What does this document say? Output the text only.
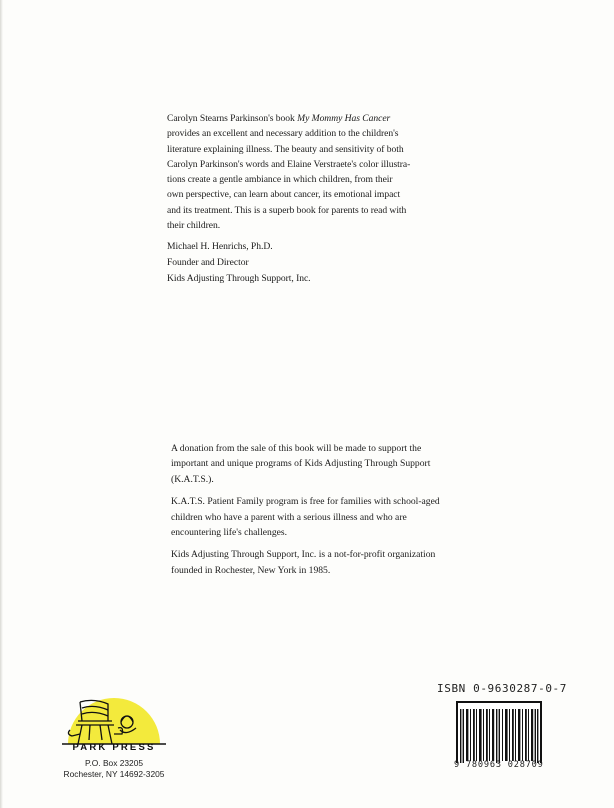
Carolyn Stearns Parkinson's book My Mommy Has Cancer
provides an excellent and necessary addition to the children's
literature explaining illness. The beauty and sensitivity of both
Carolyn Parkinson's words and Elaine Verstraete's color illustra-
tions create a gentle ambiance in which children, from their
own perspective, can learn about cancer, its emotional impact
and its treatment. This is a superb book for parents to read with
their children.

Michael H. Henrichs, Ph.D.
Founder and Director
Kids Adjusting Through Support, Inc.

A donation from the sale of this book will be made to support the
important and unique programs of Kids Adjusting Through Support
(K.A.T.S.).

K.A.T.S. Patient Family program is free for families with school-aged
children who have a parent with a serious illness and who are
encountering life's challenges.

Kids Adjusting Through Support, Inc. is a not-for-profit organization
founded in Rochester, New York in 1985.

PARK PRESS
P.O. Box 23205
Rochester, NY 14692-3205
ISBN 0-9630287-0-7
9 780963 028709
